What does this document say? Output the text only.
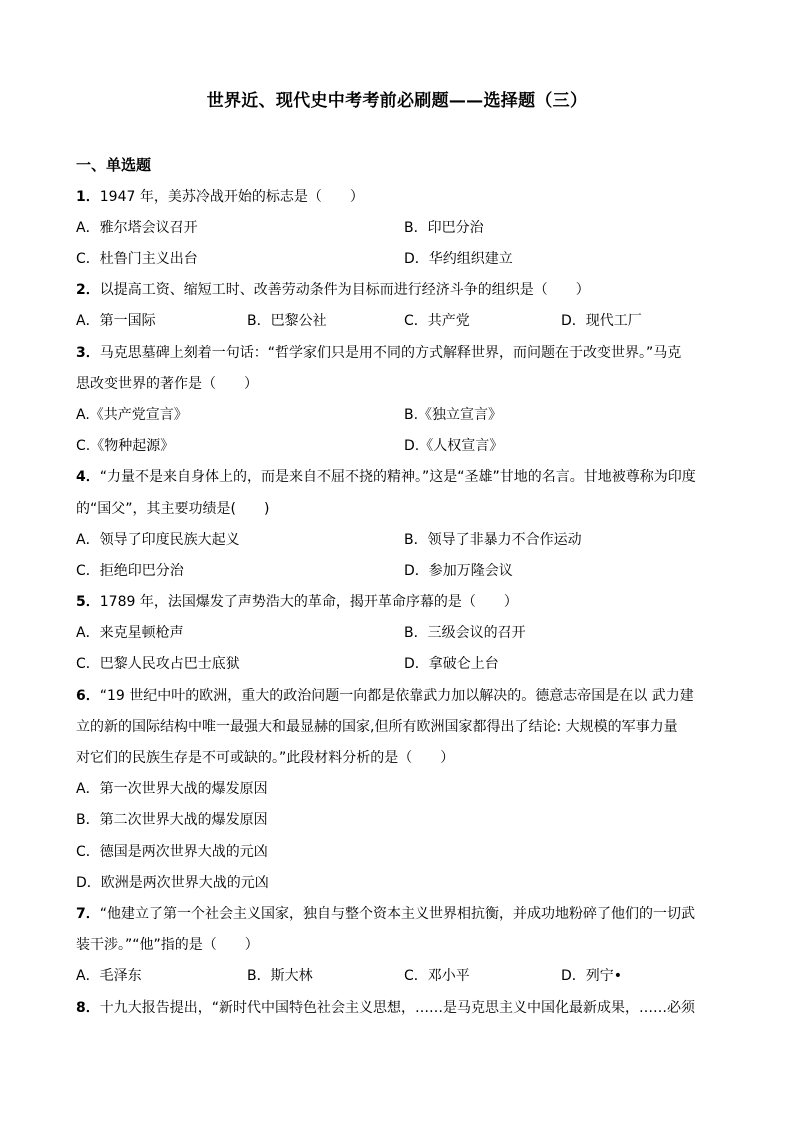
世界近、现代史中考考前必刷题——选择题（三）
一、单选题
1．1947 年，美苏冷战开始的标志是（　　）
A．雅尔塔会议召开	B．印巴分治
C．杜鲁门主义出台	D．华约组织建立
2．以提高工资、缩短工时、改善劳动条件为目标而进行经济斗争的组织是（　　）
A．第一国际	B．巴黎公社	C．共产党	D．现代工厂
3．马克思墓碑上刻着一句话：“哲学家们只是用不同的方式解释世界，而问题在于改变世界。”马克
思改变世界的著作是（　　）
A.《共产党宣言》	B.《独立宣言》
C.《物种起源》	D.《人权宣言》
4．“力量不是来自身体上的，而是来自不屈不挠的精神。”这是“圣雄”甘地的名言。甘地被尊称为印度
的“国父”，其主要功绩是(　　)
A．领导了印度民族大起义	B．领导了非暴力不合作运动
C．拒绝印巴分治	D．参加万隆会议
5．1789 年，法国爆发了声势浩大的革命，揭开革命序幕的是（　　）
A．来克星顿枪声	B．三级会议的召开
C．巴黎人民攻占巴士底狱	D．拿破仑上台
6．“19 世纪中叶的欧洲，重大的政治问题一向都是依靠武力加以解决的。德意志帝国是在以 武力建
立的新的国际结构中唯一最强大和最显赫的国家,但所有欧洲国家都得出了结论: 大规模的军事力量
对它们的民族生存是不可或缺的。”此段材料分析的是（　　）
A．第一次世界大战的爆发原因
B．第二次世界大战的爆发原因
C．德国是两次世界大战的元凶
D．欧洲是两次世界大战的元凶
7．“他建立了第一个社会主义国家，独自与整个资本主义世界相抗衡，并成功地粉碎了他们的一切武
装干涉。”“他”指的是（　　）
A．毛泽东	B．斯大林	C．邓小平	D．列宁•
8．十九大报告提出，“新时代中国特色社会主义思想，……是马克思主义中国化最新成果，……必须
